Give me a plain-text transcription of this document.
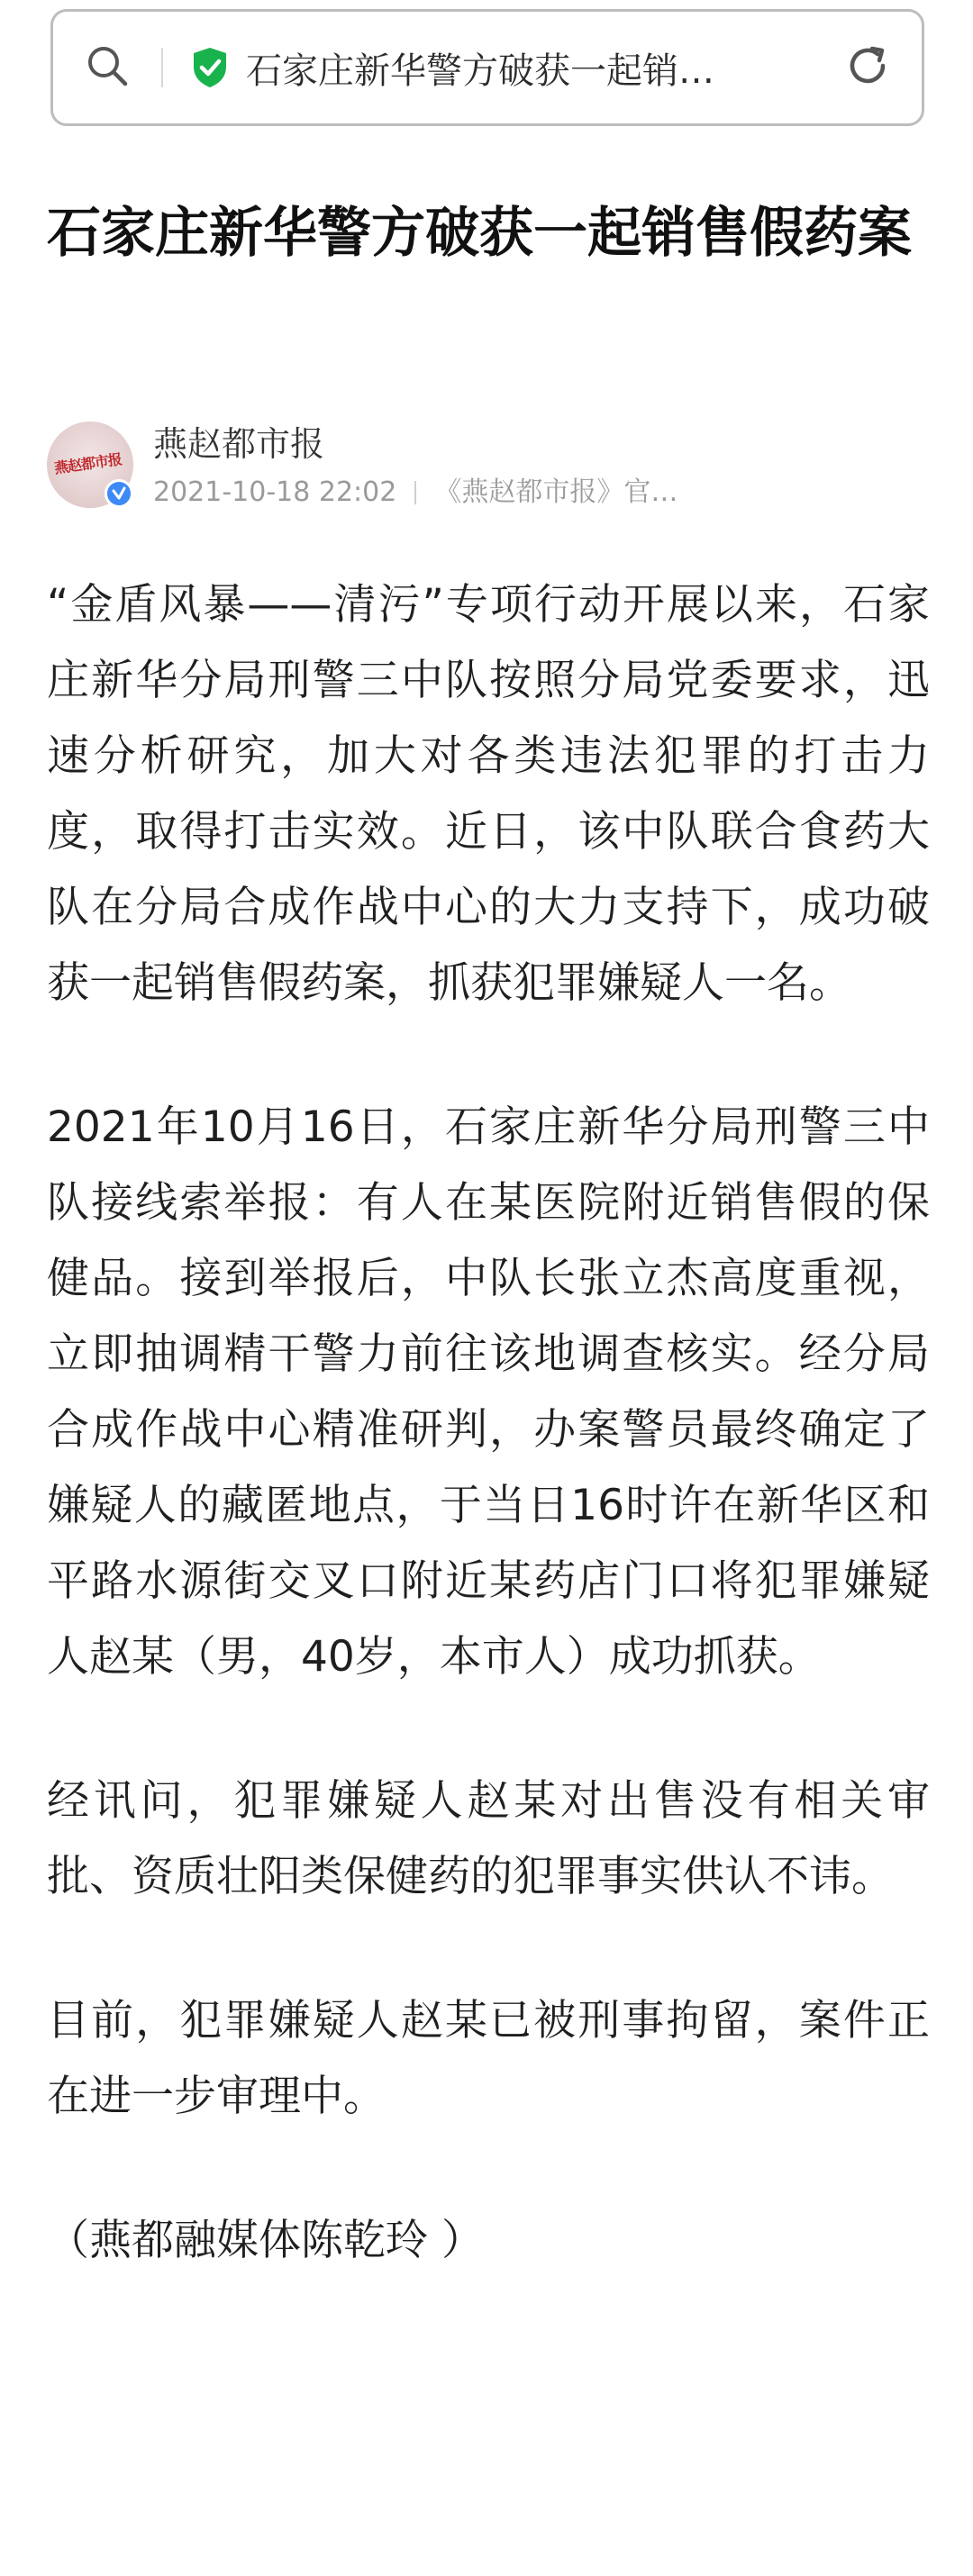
石家庄新华警方破获一起销…
石家庄新华警方破获一起销售假药案
燕赵都市报 燕赵都市报
2021-10-18 22:02 《燕赵都市报》官…

“金盾风暴——清污”专项行动开展以来，石家庄新华分局刑警三中队按照分局党委要求，迅速分析研究，加大对各类违法犯罪的打击力度，取得打击实效。近日，该中队联合食药大队在分局合成作战中心的大力支持下，成功破获一起销售假药案，抓获犯罪嫌疑人一名。

2021年10月16日，石家庄新华分局刑警三中队接线索举报：有人在某医院附近销售假的保健品。接到举报后，中队长张立杰高度重视，立即抽调精干警力前往该地调查核实。经分局合成作战中心精准研判，办案警员最终确定了嫌疑人的藏匿地点，于当日16时许在新华区和平路水源街交叉口附近某药店门口将犯罪嫌疑人赵某（男，40岁，本市人）成功抓获。

经讯问，犯罪嫌疑人赵某对出售没有相关审批、资质壮阳类保健药的犯罪事实供认不讳。

目前，犯罪嫌疑人赵某已被刑事拘留，案件正在进一步审理中。

（燕都融媒体陈乾玲 ）
